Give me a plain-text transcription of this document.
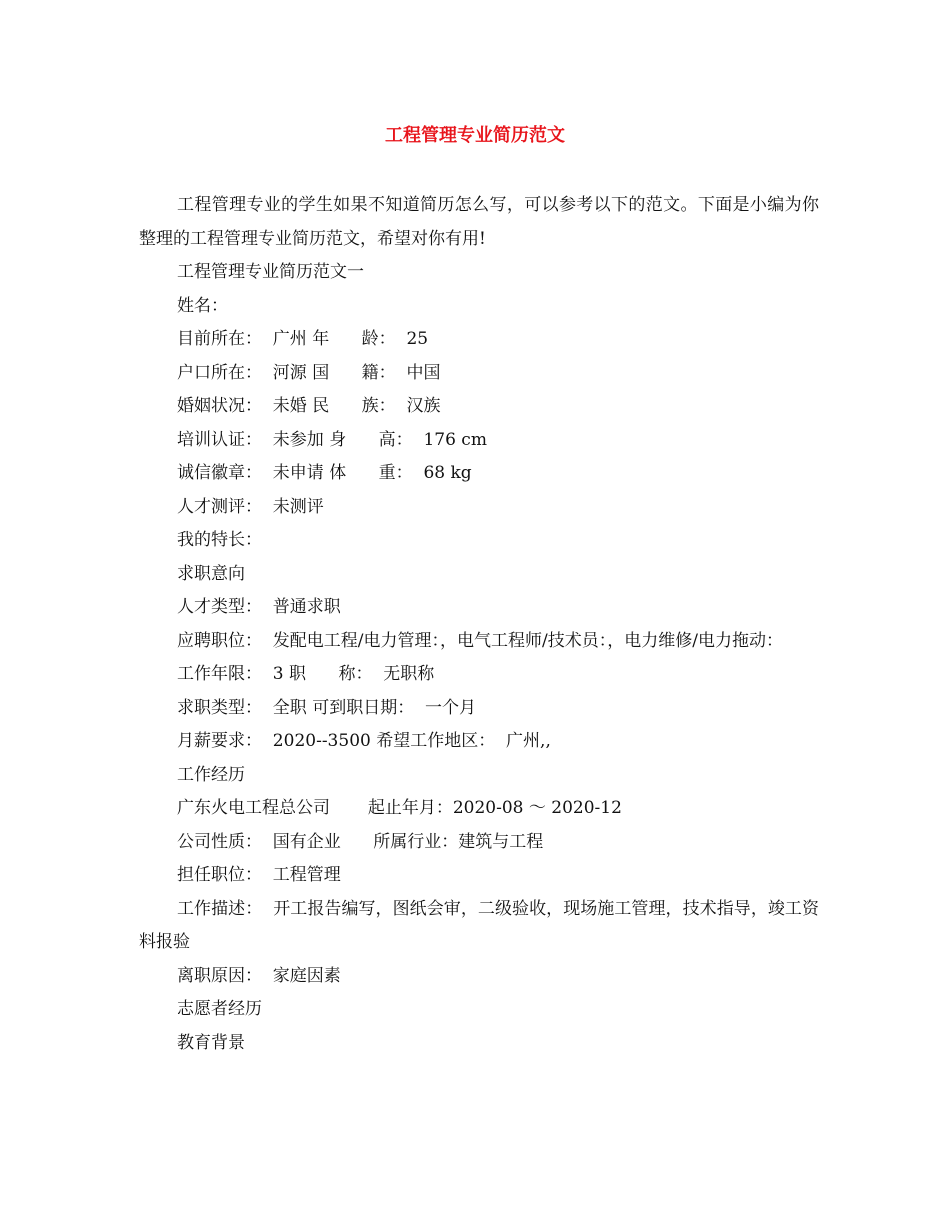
工程管理专业简历范文

工程管理专业的学生如果不知道简历怎么写，可以参考以下的范文。下面是小编为你整理的工程管理专业简历范文，希望对你有用!

工程管理专业简历范文一

姓名：

目前所在：  广州 年      龄：  25

户口所在：  河源 国      籍：  中国

婚姻状况：  未婚 民      族：  汉族

培训认证：  未参加 身      高：  176 cm

诚信徽章：  未申请 体      重：  68 kg

人才测评：  未测评

我的特长：

求职意向

人才类型：  普通求职

应聘职位：  发配电工程/电力管理：，电气工程师/技术员：，电力维修/电力拖动：

工作年限：  3 职      称：  无职称

求职类型：  全职 可到职日期：  一个月

月薪要求：  2020--3500 希望工作地区：  广州,,

工作经历

广东火电工程总公司       起止年月：2020-08 ～ 2020-12

公司性质：  国有企业      所属行业：建筑与工程

担任职位：  工程管理

工作描述：  开工报告编写，图纸会审，二级验收，现场施工管理，技术指导，竣工资料报验

离职原因：  家庭因素

志愿者经历

教育背景
